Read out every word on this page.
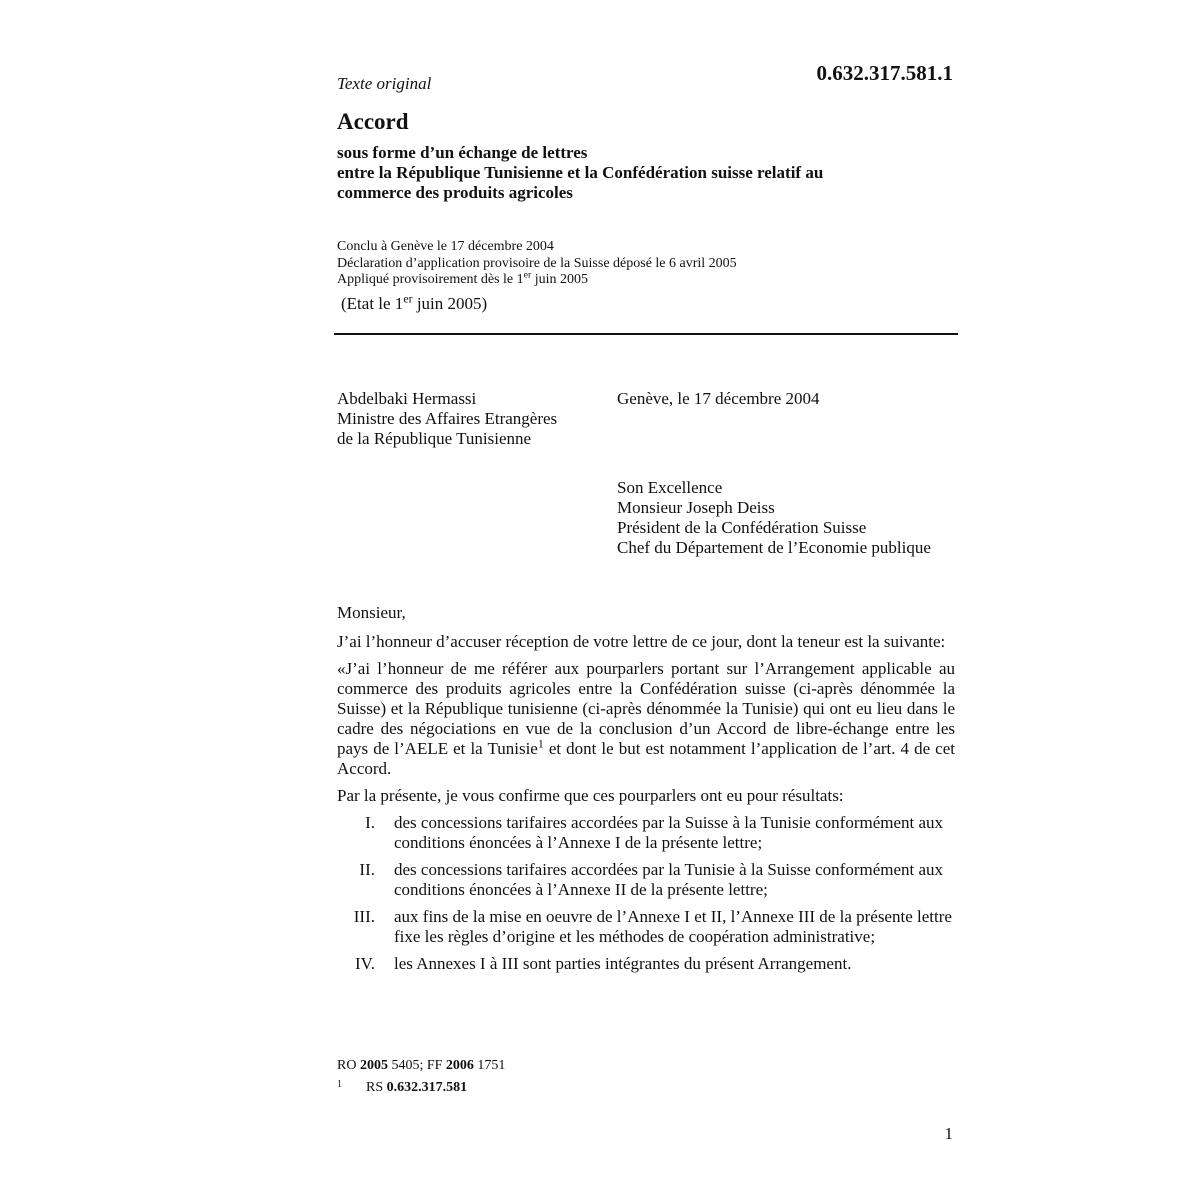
Texte original	0.632.317.581.1
Accord
sous forme d’un échange de lettres
entre la République Tunisienne et la Confédération suisse relatif au
commerce des produits agricoles
Conclu à Genève le 17 décembre 2004
Déclaration d’application provisoire de la Suisse déposé le 6 avril 2005
Appliqué provisoirement dès le 1er juin 2005
(Etat le 1er juin 2005)
Abdelbaki Hermassi
Ministre des Affaires Etrangères
de la République Tunisienne
Genève, le 17 décembre 2004
Son Excellence
Monsieur Joseph Deiss
Président de la Confédération Suisse
Chef du Département de l’Economie publique

Monsieur,

J’ai l’honneur d’accuser réception de votre lettre de ce jour, dont la teneur est la suivante:

«J’ai l’honneur de me référer aux pourparlers portant sur l’Arrangement applicable au commerce des produits agricoles entre la Confédération suisse (ci-après dénommée la Suisse) et la République tunisienne (ci-après dénommée la Tunisie) qui ont eu lieu dans le cadre des négociations en vue de la conclusion d’un Accord de libre-échange entre les pays de l’AELE et la Tunisie$^1$ et dont le but est notamment l’application de l’art. 4 de cet Accord.

Par la présente, je vous confirme que ces pourparlers ont eu pour résultats:

I. des concessions tarifaires accordées par la Suisse à la Tunisie conformément aux conditions énoncées à l’Annexe I de la présente lettre;
II. des concessions tarifaires accordées par la Tunisie à la Suisse conformément aux conditions énoncées à l’Annexe II de la présente lettre;
III. aux fins de la mise en oeuvre de l’Annexe I et II, l’Annexe III de la présente lettre fixe les règles d’origine et les méthodes de coopération administrative;
IV. les Annexes I à III sont parties intégrantes du présent Arrangement.
RO 2005 5405; FF 2006 1751
$^1$ RS 0.632.317.581
1
